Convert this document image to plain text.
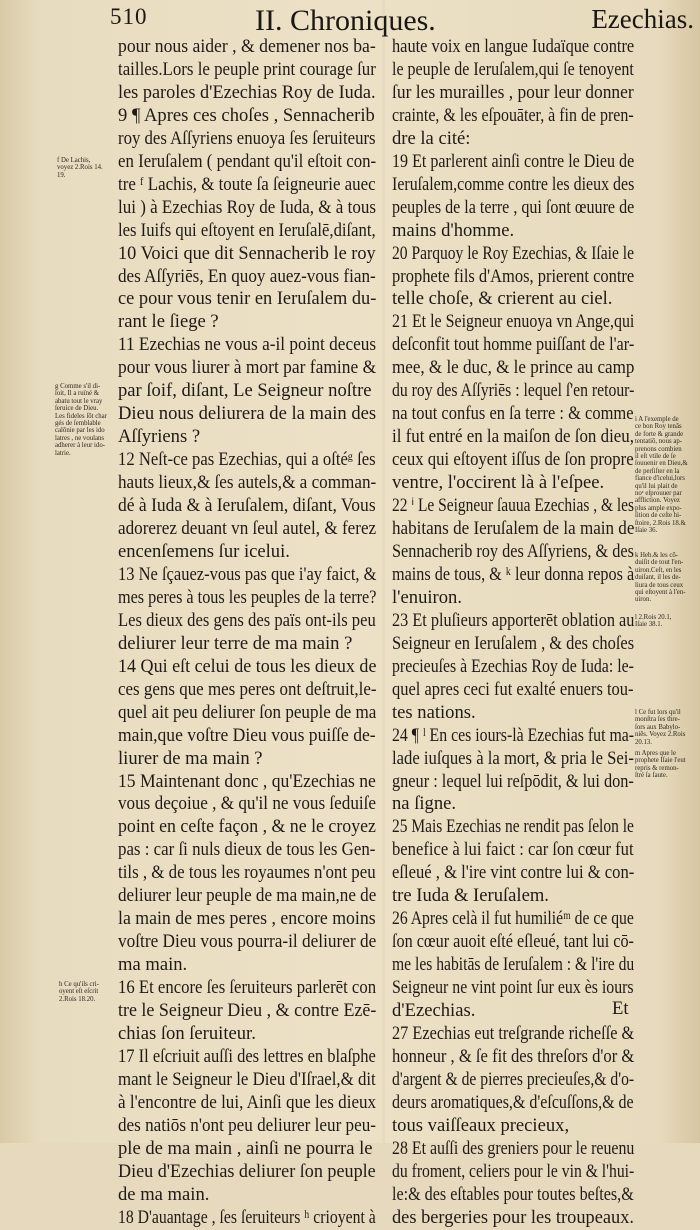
510	II. Chroniques.	Ezechias.

pour nous aider , & demener nos ba-

tailles.Lors le peuple print courage ſur

les paroles d'Ezechias Roy de Iuda.

9 ¶ Apres ces choſes , Sennacherib

roy des Aſſyriens enuoya ſes ſeruiteurs

en Ieruſalem ( pendant qu'il eſtoit con-

tre ᶠ Lachis, & toute ſa ſeigneurie auec

lui ) à Ezechias Roy de Iuda, & à tous

les Iuifs qui eſtoyent en Ieruſalē,diſant,

10 Voici que dit Sennacherib le roy

des Aſſyriēs, En quoy auez-vous fian-

ce pour vous tenir en Ieruſalem du-

rant le ſiege ?

11 Ezechias ne vous a-il point deceus

pour vous liurer à mort par famine &

par ſoif, diſant, Le Seigneur noſtre

Dieu nous deliurera de la main des

Aſſyriens ?

12 Neſt-ce pas Ezechias, qui a oſtéᵍ ſes

hauts lieux,& ſes autels,& a comman-

dé à Iuda & à Ieruſalem, diſant, Vous

adorerez deuant vn ſeul autel, & ferez

encenſemens ſur icelui.

13 Ne ſçauez-vous pas que i'ay faict, &

mes peres à tous les peuples de la terre?

Les dieux des gens des païs ont-ils peu

deliurer leur terre de ma main ?

14 Qui eſt celui de tous les dieux de

ces gens que mes peres ont deſtruit,le-

quel ait peu deliurer ſon peuple de ma

main,que voſtre Dieu vous puiſſe de-

liurer de ma main ?

15 Maintenant donc , qu'Ezechias ne

vous deçoiue , & qu'il ne vous ſeduiſe

point en ceſte façon , & ne le croyez

pas : car ſi nuls dieux de tous les Gen-

tils , & de tous les royaumes n'ont peu

deliurer leur peuple de ma main,ne de

la main de mes peres , encore moins

voſtre Dieu vous pourra-il deliurer de

ma main.

16 Et encore ſes ſeruiteurs parlerēt con

tre le Seigneur Dieu , & contre Ezē-

chias ſon ſeruiteur.

17 Il eſcriuit auſſi des lettres en blaſphe

mant le Seigneur le Dieu d'Iſrael,& dit

à l'encontre de lui, Ainſi que les dieux

des natiōs n'ont peu deliurer leur peu-

ple de ma main , ainſi ne pourra le

Dieu d'Ezechias deliurer ſon peuple

de ma main.

18 D'auantage , ſes ſeruiteurs ʰ crioyent à

haute voix en langue Iudaïque contre

le peuple de Ieruſalem,qui ſe tenoyent

ſur les murailles , pour leur donner

crainte, & les eſpouāter, à fin de pren-

dre la cité:

19 Et parlerent ainſi contre le Dieu de

Ieruſalem,comme contre les dieux des

peuples de la terre , qui ſont œuure de

mains d'homme.

20 Parquoy le Roy Ezechias, & Iſaie le

prophete fils d'Amos, prierent contre

telle choſe, & crierent au ciel.

21 Et le Seigneur enuoya vn Ange,qui

deſconfit tout homme puiſſant de l'ar-

mee, & le duc, & le prince au camp

du roy des Aſſyriēs : lequel ſ'en retour-

na tout confus en ſa terre : & comme

il fut entré en la maiſon de ſon dieu,

ceux qui eſtoyent iſſus de ſon propre

ventre, l'occirent là à l'eſpee.

22 ⁱ Le Seigneur ſauua Ezechias , & les

habitans de Ieruſalem de la main de

Sennacherib roy des Aſſyriens, & des

mains de tous, & ᵏ leur donna repos à

l'enuiron.

23 Et pluſieurs apporterēt oblation au

Seigneur en Ieruſalem , & des choſes

precieuſes à Ezechias Roy de Iuda: le-

quel apres ceci fut exalté enuers tou-

tes nations.

24 ¶ ˡ En ces iours-là Ezechias fut ma-

lade iuſques à la mort, & pria le Sei-

gneur : lequel lui reſpōdit, & lui don-

na ſigne.

25 Mais Ezechias ne rendit pas ſelon le

benefice à lui faict : car ſon cœur fut

eſleué , & l'ire vint contre lui & con-

tre Iuda & Ieruſalem.

26 Apres celà il fut humiliéᵐ de ce que

ſon cœur auoit eſté eſleué, tant lui cō-

me les habitās de Ieruſalem : & l'ire du

Seigneur ne vint point ſur eux ès iours

d'Ezechias.

27 Ezechias eut treſgrande richeſſe &

honneur , & ſe fit des threſors d'or &

d'argent & de pierres precieuſes,& d'o-

deurs aromatiques,& d'eſcuſſons,& de

tous vaiſſeaux precieux,

28 Et auſſi des greniers pour le reuenu

du froment, celiers pour le vin & l'hui-

le:& des eſtables pour toutes beſtes,&

des bergeries pour les troupeaux.

f De Lachis,

voyez 2.Rois 14.

19.

g Comme s'il di-

ſoit, Il a ruïné &

abatu tout le vray

ſeruice de Dieu.

Les fideles ſōt char

gés de ſemblable

calōnie par les ido

latres , ne voulans

adherer à leur ido-

latrie.

h Ce qu'ils cri-

oyent eſt eſcrit

2.Rois 18.20.

i A l'exemple de

ce bon Roy tenās

de forte & grande

tentatiō, nous ap-

prenons combien

il eſt vtile de ſe

ſouuenir en Dieu,&

de perſiſter en la

fiance d'icelui,lors

qu'il lui plait de

noᶻ eſprouuer par

affliction. Voyez

plus ample expo-

ſition de ceſte hi-

ſtoire, 2.Rois 18.&

Iſaie 36.

k Heb.& les cō-

duiſit de tout l'en-

uiron.Ceſt, en les

duiſant, il les de-

liura de tous ceux

qui eſtoyent à l'en-

uiron.

l 2.Rois 20.1,

Iſaie 38.1.

l Ce fut lors qu'il

monſtra ſes thre-

ſors aux Babylo-

niēs. Voyez 2.Rois

20.13.

m Apres que le

prophete Iſaie l'eut

repris & remon-

ſtré ſa faute.

Et
